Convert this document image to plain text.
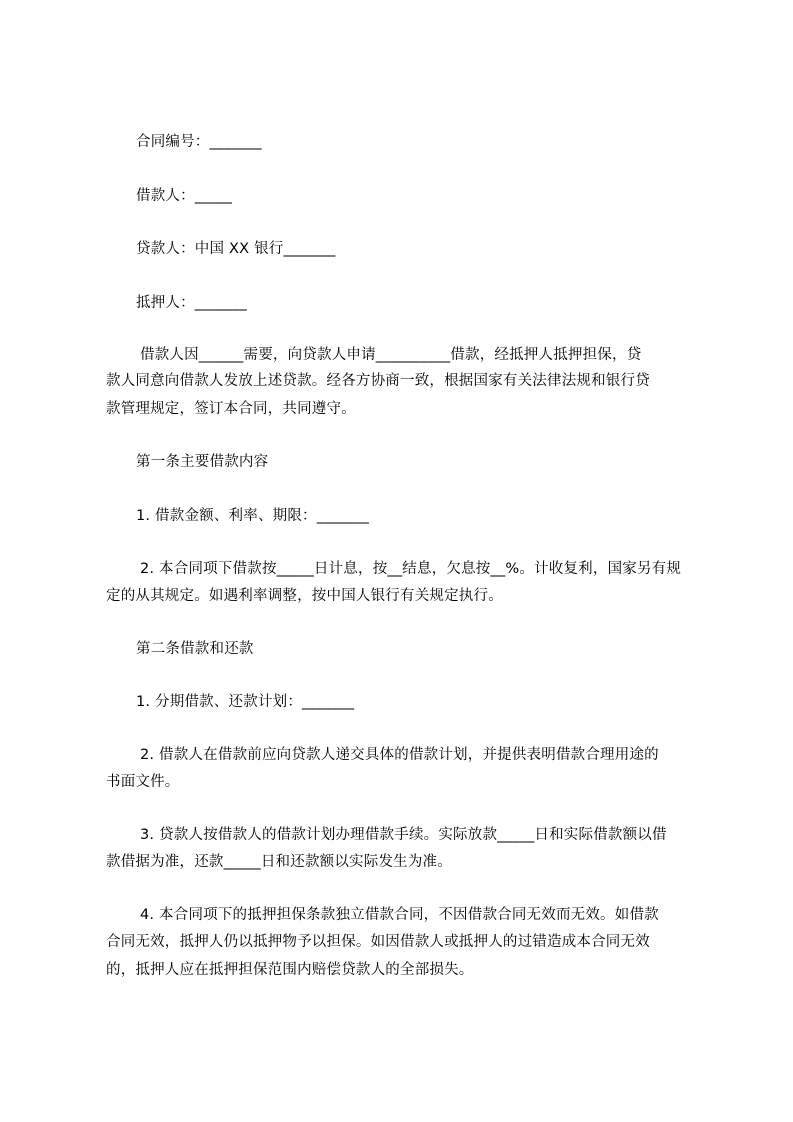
合同编号：_______
借款人：_____
贷款人：中国 XX 银行_______
抵押人：_______
借款人因______需要，向贷款人申请__________借款，经抵押人抵押担保，贷
款人同意向借款人发放上述贷款。经各方协商一致，根据国家有关法律法规和银行贷
款管理规定，签订本合同，共同遵守。
第一条主要借款内容
1. 借款金额、利率、期限：_______
2. 本合同项下借款按_____日计息，按__结息，欠息按__%。计收复利，国家另有规
定的从其规定。如遇利率调整，按中国人银行有关规定执行。
第二条借款和还款
1. 分期借款、还款计划：_______
2. 借款人在借款前应向贷款人递交具体的借款计划，并提供表明借款合理用途的
书面文件。
3. 贷款人按借款人的借款计划办理借款手续。实际放款_____日和实际借款额以借
款借据为准，还款_____日和还款额以实际发生为准。
4. 本合同项下的抵押担保条款独立借款合同，不因借款合同无效而无效。如借款
合同无效，抵押人仍以抵押物予以担保。如因借款人或抵押人的过错造成本合同无效
的，抵押人应在抵押担保范围内赔偿贷款人的全部损失。
